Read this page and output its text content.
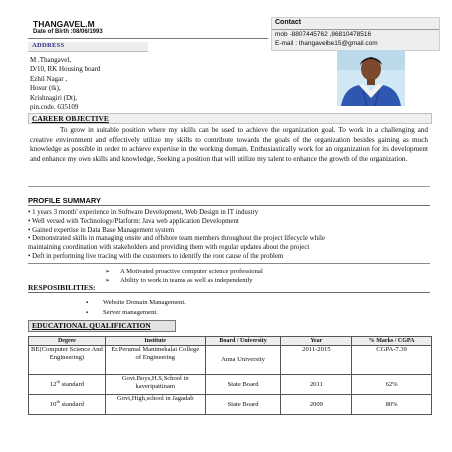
THANGAVEL.M
Date of Birth :08/06/1993
Contact
mob -8807445762 ,86810478516
E-mail : thangavelbe15@gmail.com
ADDRESS
M .Thangavel,
D/10, RK Housing board
Ezhil Nagar ,
Hosur (tk),
Krishnagiri (Dt),
pin.code. 635109
CAREER OBJECTIVE
To grow in suitable position where my skills can be used to achieve the organization goal. To work in a challenging and creative environment and effectively utilize my skills to contribute towards the goals of the organization besides gaining as much knowledge as possible in order to achieve expertise in the working domain. Enthusiastically work for an organization for its development and enhance my own skills and knowledge, Seeking a position that will utilize my talent to enhance the growth of the organization.
PROFILE SUMMARY
• 1 years 3 month' experience in Software Development, Web Design in IT industry
• Well versed with Technology/Platform: Java web application Development
• Gained expertise in Data Base Management system
• Demonstrated skills in managing onsite and offshore team members throughout the project lifecycle while
maintaining coordination with stakeholders and providing them with regular updates about the project
• Deft in performing live tracing with the customers to identify the root cause of the problem
➢ A Motivated proactive computer science professional
➢ Ability to work in teams as well as independently
RESPOSIBILITIES:
▪ Website Domain Management.
▪ Server management.
EDUCATIONAL QUALIFICATION
Degree	Institute	Board / University	Year	% Marks / CGPA
BE(Computer Science And Engineering)	Er.Perumal Manimekalai College of Engineering	Anna University	2011-2015	CGPA-7.39
12th standard	Govt.Boys,H.S,School in kaveripattinam	State Board	2011	62%
10th standard	Govt,High,school in Jagadab	State Board	2009	80%
